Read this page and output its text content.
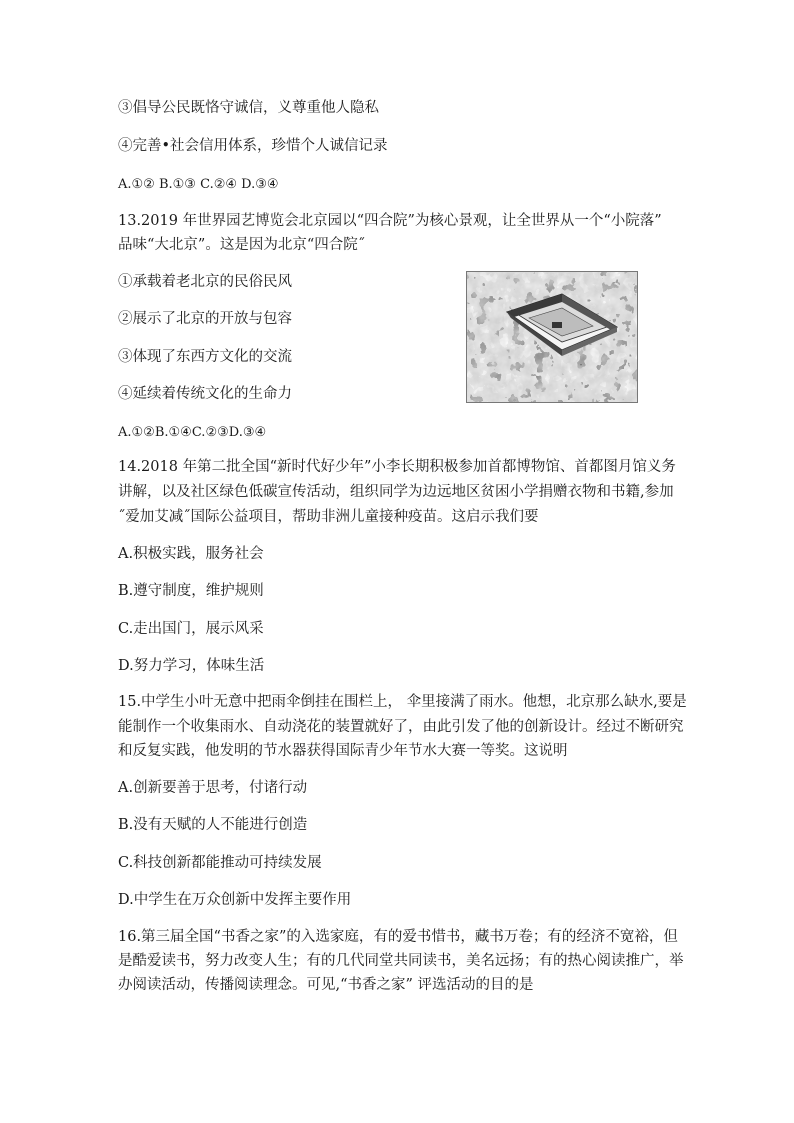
③倡导公民既恪守诚信，义尊重他人隐私
④完善•社会信用体系，珍惜个人诚信记录
A.①② B.①③ C.②④ D.③④
13.2019 年世界园艺博览会北京园以“四合院”为核心景观，让全世界从一个“小院落”
品味“大北京”。这是因为北京“四合院˝
①承载着老北京的民俗民风
②展示了北京的开放与包容
③体现了东西方文化的交流
④延续着传统文化的生命力
A.①②B.①④C.②③D.③④
14.2018 年第二批全国“新时代好少年”小李长期积极参加首都博物馆、首都图月馆义务
讲解，以及社区绿色低碳宣传活动，组织同学为边远地区贫困小学捐赠衣物和书籍,参加
˝爱加艾减˝国际公益项目，帮助非洲儿童接种疫苗。这启示我们要
A.积极实践，服务社会
B.遵守制度，维护规则
C.走出国门，展示风采
D.努力学习，体味生活
15.中学生小叶无意中把雨伞倒挂在围栏上， 伞里接满了雨水。他想，北京那么缺水,要是
能制作一个收集雨水、自动浇花的装置就好了，由此引发了他的创新设计。经过不断研究
和反复实践，他发明的节水器获得国际青少年节水大赛一等奖。这说明
A.创新要善于思考，付诸行动
B.没有天赋的人不能进行创造
C.科技创新都能推动可持续发展
D.中学生在万众创新中发挥主要作用
16.第三届全国“书香之家”的入选家庭，有的爱书惜书，藏书万卷；有的经济不宽裕，但
是酷爱读书，努力改变人生；有的几代同堂共同读书，美名远扬；有的热心阅读推广，举
办阅读活动，传播阅读理念。可见,“书香之家” 评选活动的目的是
